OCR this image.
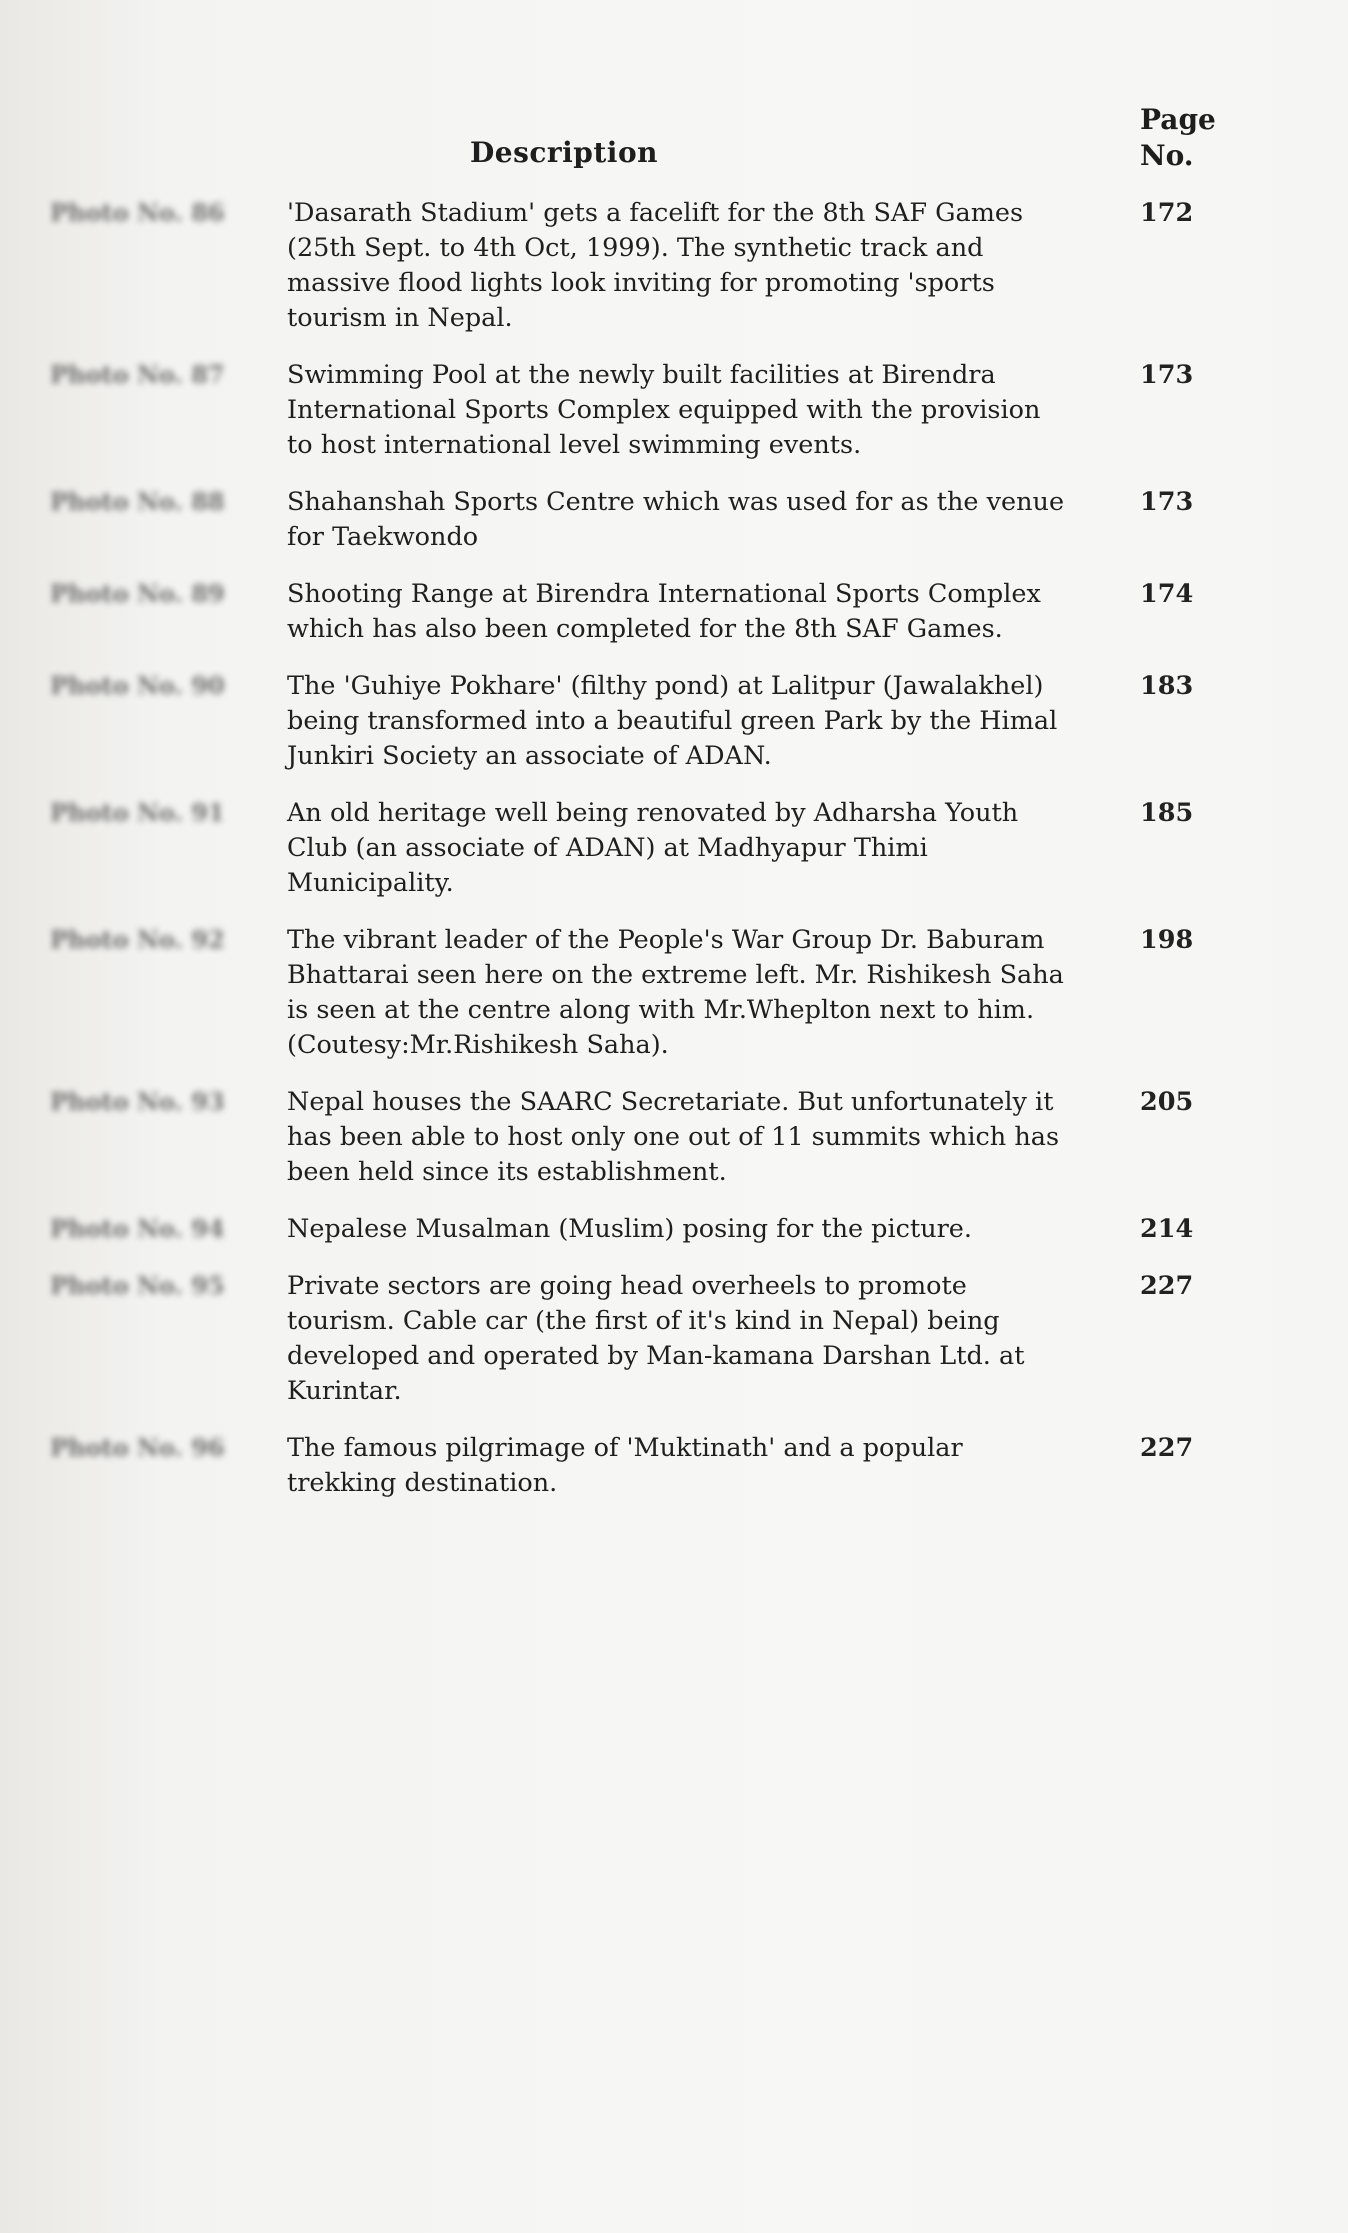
Description
Page
No.
Photo No. 86 'Dasarath Stadium' gets a facelift for the 8th SAF Games (25th Sept. to 4th Oct, 1999). The synthetic track and massive flood lights look inviting for promoting 'sports tourism in Nepal.
172
Photo No. 87 Swimming Pool at the newly built facilities at Birendra International Sports Complex equipped with the provision to host international level swimming events.
173
Photo No. 88 Shahanshah Sports Centre which was used for as the venue for Taekwondo
173
Photo No. 89 Shooting Range at Birendra International Sports Complex which has also been completed for the 8th SAF Games.
174
Photo No. 90 The 'Guhiye Pokhare' (filthy pond) at Lalitpur (Jawalakhel) being transformed into a beautiful green Park by the Himal Junkiri Society an associate of ADAN.
183
Photo No. 91 An old heritage well being renovated by Adharsha Youth Club (an associate of ADAN) at Madhyapur Thimi Municipality.
185
Photo No. 92 The vibrant leader of the People's War Group Dr. Baburam Bhattarai seen here on the extreme left. Mr. Rishikesh Saha is seen at the centre along with Mr.Wheplton next to him. (Coutesy:Mr.Rishikesh Saha).
198
Photo No. 93 Nepal houses the SAARC Secretariate. But unfortunately it has been able to host only one out of 11 summits which has been held since its establishment.
205
Photo No. 94 Nepalese Musalman (Muslim) posing for the picture.	214
Photo No. 95 Private sectors are going head overheels to promote tourism. Cable car (the first of it's kind in Nepal) being developed and operated by Man-kamana Darshan Ltd. at Kurintar.
227
Photo No. 96 The famous pilgrimage of 'Muktinath' and a popular trekking destination.
227
